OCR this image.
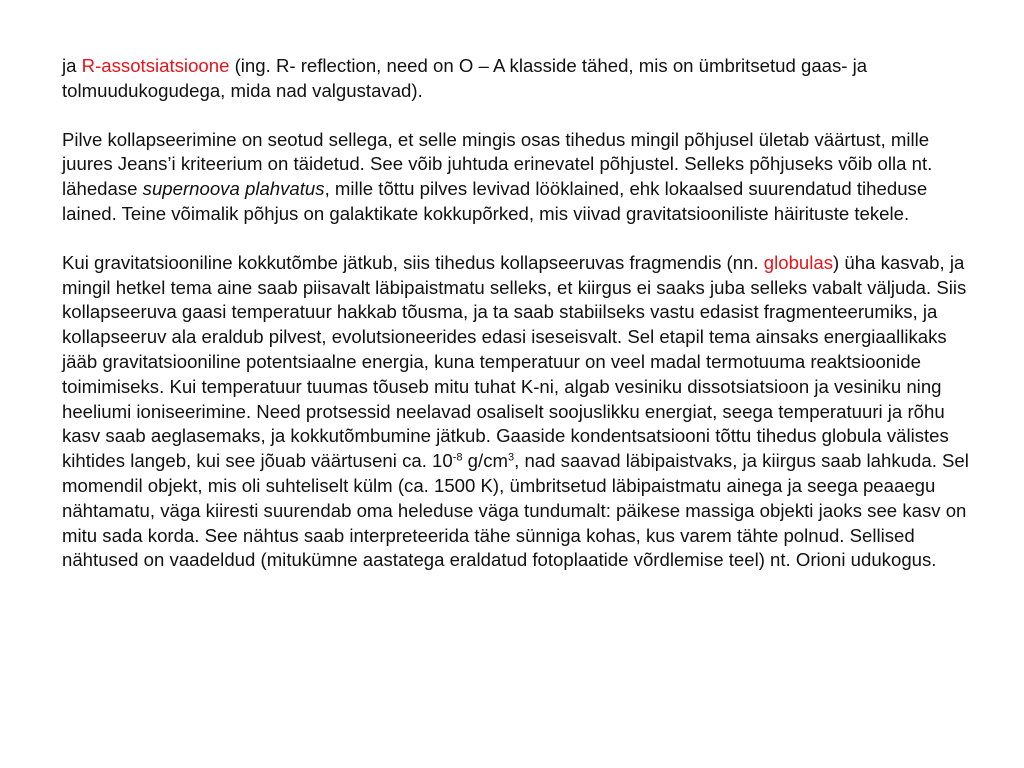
ja R-assotsiatsioone (ing. R- reflection, need on O – A klasside tähed, mis on ümbritsetud gaas- ja tolmuudukogudega, mida nad valgustavad).

Pilve kollapseerimine on seotud sellega, et selle mingis osas tihedus mingil põhjusel ületab väärtust, mille juures Jeans’i kriteerium on täidetud. See võib juhtuda erinevatel põhjustel. Selleks põhjuseks võib olla nt. lähedase supernoova plahvatus, mille tõttu pilves levivad lööklained, ehk lokaalsed suurendatud tiheduse lained. Teine võimalik põhjus on galaktikate kokkupõrked, mis viivad gravitatsiooniliste häirituste tekele.

Kui gravitatsiooniline kokkutõmbe jätkub, siis tihedus kollapseeruvas fragmendis (nn. globulas) üha kasvab, ja mingil hetkel tema aine saab piisavalt läbipaistmatu selleks, et kiirgus ei saaks juba selleks vabalt väljuda. Siis kollapseeruva gaasi temperatuur hakkab tõusma, ja ta saab stabiilseks vastu edasist fragmenteerumiks, ja kollapseeruv ala eraldub pilvest, evolutsioneerides edasi iseseisvalt. Sel etapil tema ainsaks energiaallikaks jääb gravitatsiooniline potentsiaalne energia, kuna temperatuur on veel madal termotuuma reaktsioonide toimimiseks. Kui temperatuur tuumas tõuseb mitu tuhat K-ni, algab vesiniku dissotsiatsioon ja vesiniku ning heeliumi ioniseerimine. Need protsessid neelavad osaliselt soojuslikku energiat, seega temperatuuri ja rõhu kasv saab aeglasemaks, ja kokkutõmbumine jätkub. Gaaside kondentsatsiooni tõttu tihedus globula välistes kihtides langeb, kui see jõuab väärtuseni ca. $10^{-8}$ $g/cm^3$, nad saavad läbipaistvaks, ja kiirgus saab lahkuda. Sel momendil objekt, mis oli suhteliselt külm (ca. 1500 K), ümbritsetud läbipaistmatu ainega ja seega peaaegu nähtamatu, väga kiiresti suurendab oma heleduse väga tundumalt: päikese massiga objekti jaoks see kasv on mitu sada korda. See nähtus saab interpreteerida tähe sünniga kohas, kus varem tähte polnud. Sellised nähtused on vaadeldud (mitukümne aastatega eraldatud fotoplaatide võrdlemise teel) nt. Orioni udukogus.
